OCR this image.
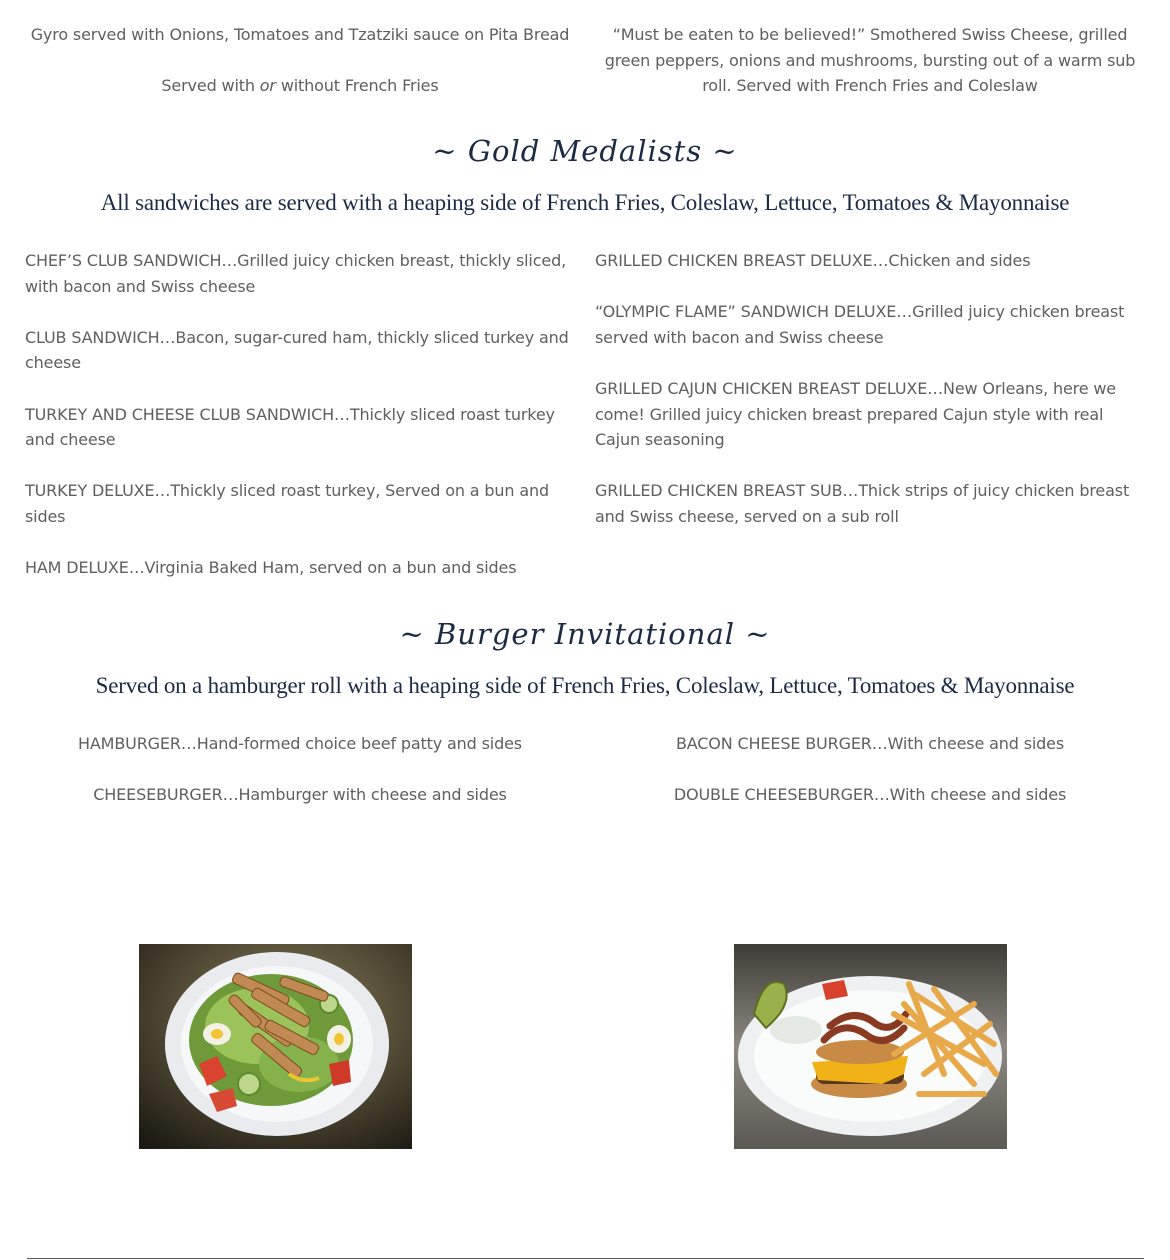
Gyro served with Onions, Tomatoes and Tzatziki sauce on Pita Bread

Served with or without French Fries

“Must be eaten to be believed!” Smothered Swiss Cheese, grilled green peppers, onions and mushrooms, bursting out of a warm sub roll. Served with French Fries and Coleslaw

~ Gold Medalists ~
All sandwiches are served with a heaping side of French Fries, Coleslaw, Lettuce, Tomatoes & Mayonnaise

CHEF’S CLUB SANDWICH…Grilled juicy chicken breast, thickly sliced, with bacon and Swiss cheese

CLUB SANDWICH…Bacon, sugar-cured ham, thickly sliced turkey and cheese

TURKEY AND CHEESE CLUB SANDWICH…Thickly sliced roast turkey and cheese

TURKEY DELUXE…Thickly sliced roast turkey, Served on a bun and sides

HAM DELUXE…Virginia Baked Ham, served on a bun and sides

GRILLED CHICKEN BREAST DELUXE…Chicken and sides

“OLYMPIC FLAME” SANDWICH DELUXE…Grilled juicy chicken breast served with bacon and Swiss cheese

GRILLED CAJUN CHICKEN BREAST DELUXE…New Orleans, here we come! Grilled juicy chicken breast prepared Cajun style with real Cajun seasoning

GRILLED CHICKEN BREAST SUB…Thick strips of juicy chicken breast and Swiss cheese, served on a sub roll

~ Burger Invitational ~
Served on a hamburger roll with a heaping side of French Fries, Coleslaw, Lettuce, Tomatoes & Mayonnaise

HAMBURGER…Hand-formed choice beef patty and sides

CHEESEBURGER…Hamburger with cheese and sides

BACON CHEESE BURGER…With cheese and sides

DOUBLE CHEESEBURGER…With cheese and sides
